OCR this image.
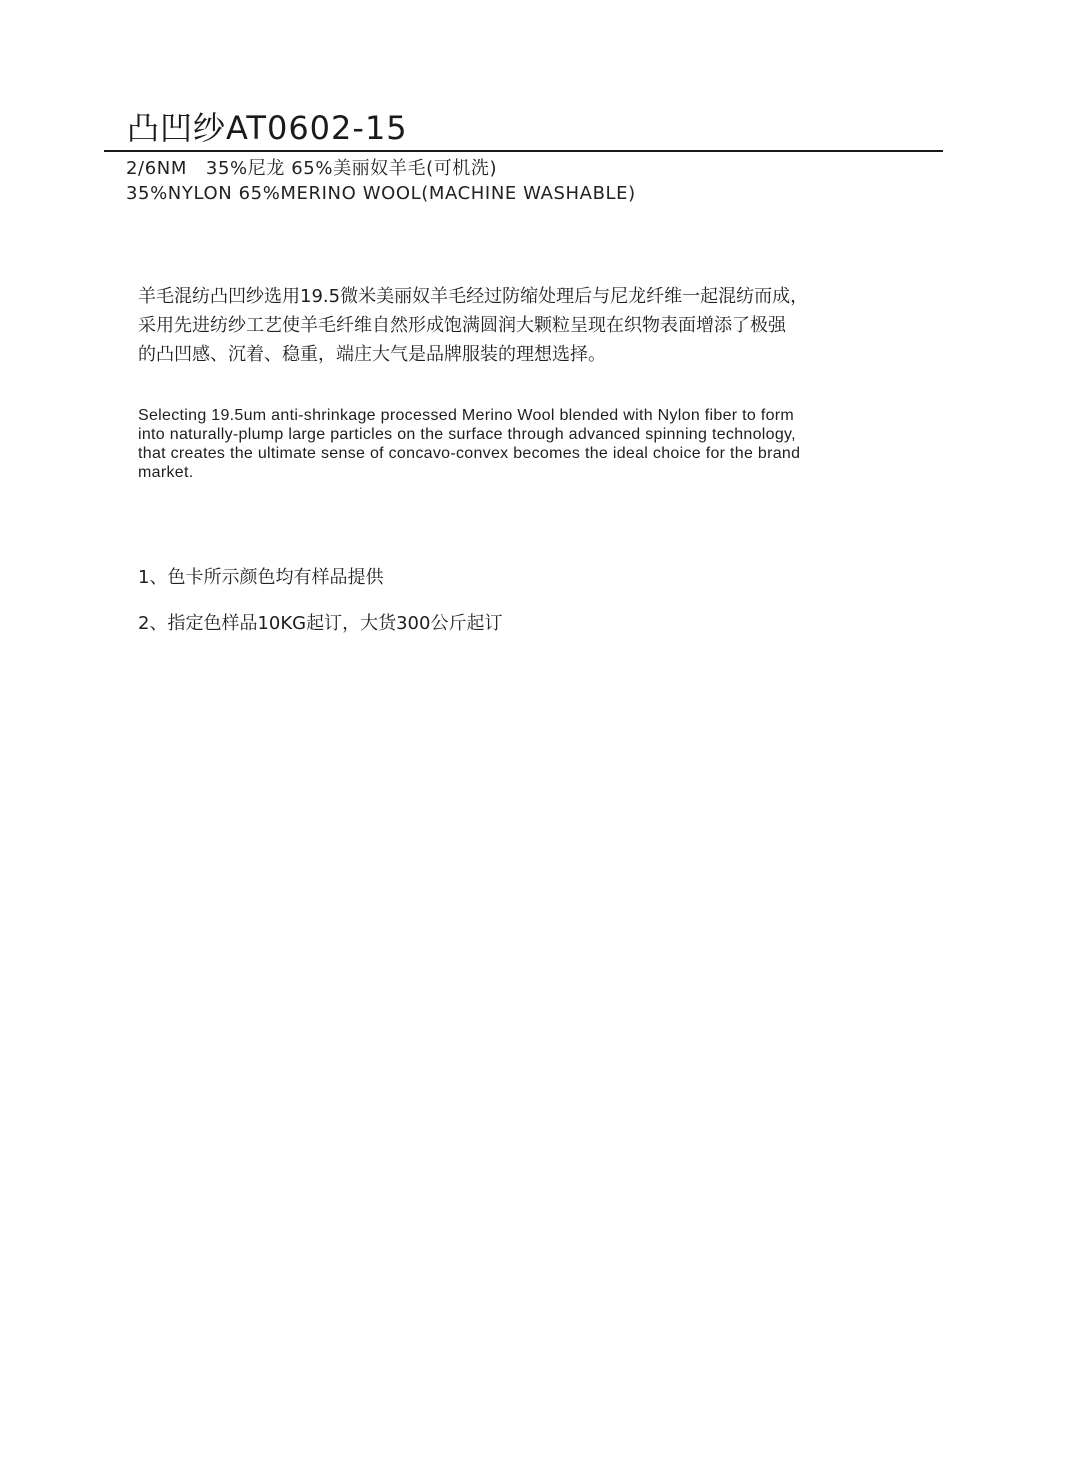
凸凹纱AT0602-15
2/6NM   35%尼龙 65%美丽奴羊毛(可机洗)
35%NYLON 65%MERINO WOOL(MACHINE WASHABLE)
羊毛混纺凸凹纱选用19.5微米美丽奴羊毛经过防缩处理后与尼龙纤维一起混纺而成，
采用先进纺纱工艺使羊毛纤维自然形成饱满圆润大颗粒呈现在织物表面增添了极强
的凸凹感、沉着、稳重，端庄大气是品牌服装的理想选择。
Selecting 19.5um anti-shrinkage processed Merino Wool blended with Nylon fiber to form
into naturally-plump large particles on the surface through advanced spinning technology,
that creates the ultimate sense of concavo-convex becomes the ideal choice for the brand
market.
1、色卡所示颜色均有样品提供
2、指定色样品10KG起订，大货300公斤起订
